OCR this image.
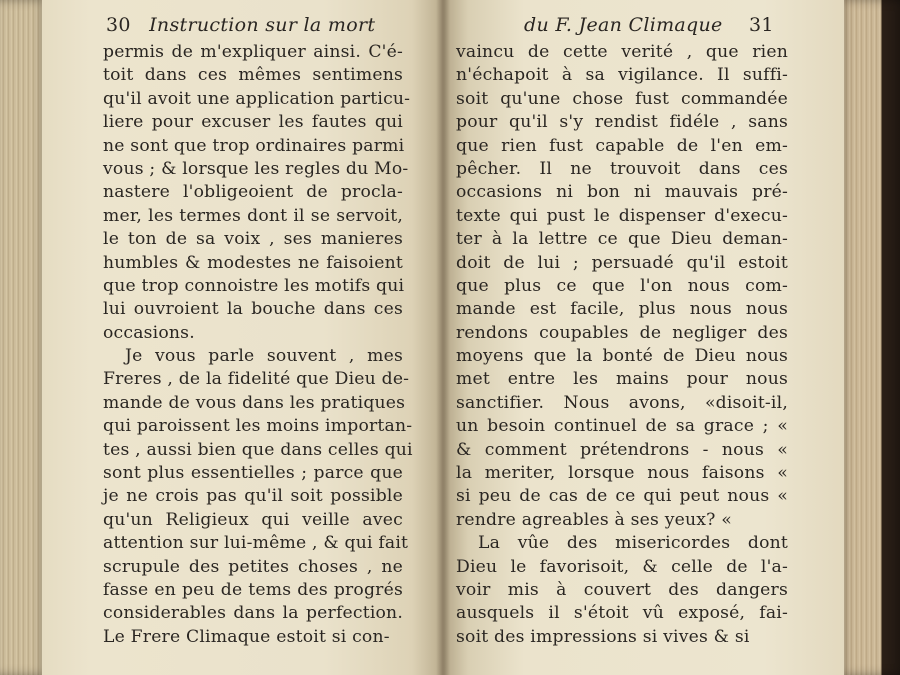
30 Instruction sur la mort
permis de m'expliquer ainsi. C'é-
toit dans ces mêmes sentimens
qu'il avoit une application particu-
liere pour excuser les fautes qui
ne sont que trop ordinaires parmi
vous ; & lorsque les regles du Mo-
nastere l'obligeoient de procla-
mer, les termes dont il se servoit,
le ton de sa voix , ses manieres
humbles & modestes ne faisoient
que trop connoistre les motifs qui
lui ouvroient la bouche dans ces
occasions.
Je vous parle souvent , mes
Freres , de la fidelité que Dieu de-
mande de vous dans les pratiques
qui paroissent les moins importan-
tes , aussi bien que dans celles qui
sont plus essentielles ; parce que
je ne crois pas qu'il soit possible
qu'un Religieux qui veille avec
attention sur lui-même , & qui fait
scrupule des petites choses , ne
fasse en peu de tems des progrés
considerables dans la perfection.
Le Frere Climaque estoit si con-
du F. Jean Climaque 31
vaincu de cette verité , que rien
n'échapoit à sa vigilance. Il suffi-
soit qu'une chose fust commandée
pour qu'il s'y rendist fidéle , sans
que rien fust capable de l'en em-
pêcher. Il ne trouvoit dans ces
occasions ni bon ni mauvais pré-
texte qui pust le dispenser d'execu-
ter à la lettre ce que Dieu deman-
doit de lui ; persuadé qu'il estoit
que plus ce que l'on nous com-
mande est facile, plus nous nous
rendons coupables de negliger des
moyens que la bonté de Dieu nous
met entre les mains pour nous
sanctifier. Nous avons, «disoit-il,
un besoin continuel de sa grace ; «
& comment prétendrons - nous «
la meriter, lorsque nous faisons «
si peu de cas de ce qui peut nous «
rendre agreables à ses yeux? «
La vûe des misericordes dont
Dieu le favorisoit, & celle de l'a-
voir mis à couvert des dangers
ausquels il s'étoit vû exposé, fai-
soit des impressions si vives & si
